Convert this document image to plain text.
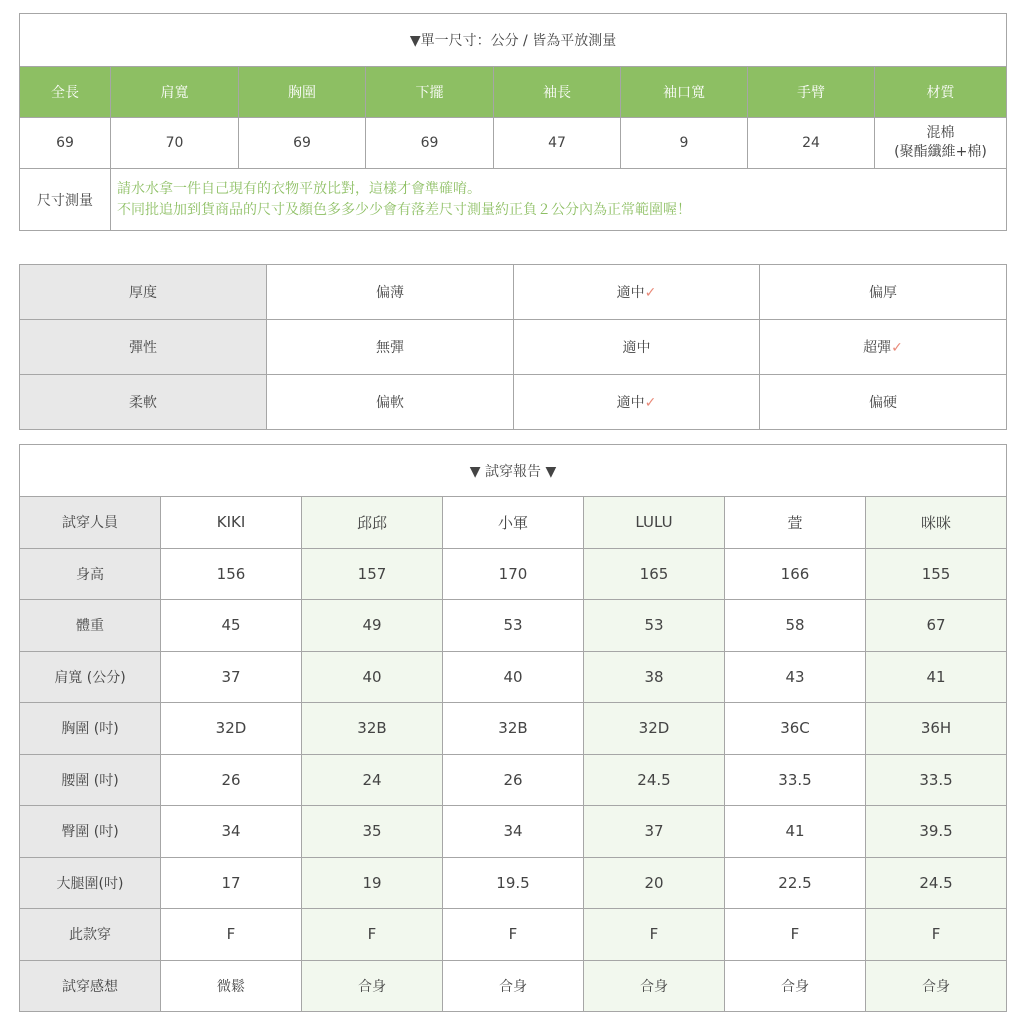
▼單一尺寸：公分 / 皆為平放測量							
全長	肩寬	胸圍	下擺	袖長	袖口寬	手臂	材質
69	70	69	69	47	9	24	混棉
(聚酯纖維+棉)

尺寸測量	請水水拿一件自己現有的衣物平放比對，這樣才會準確唷。
不同批追加到貨商品的尺寸及顏色多多少少會有落差尺寸測量約正負２公分內為正常範圍喔！						
厚度	偏薄	適中✓	偏厚
彈性	無彈	適中	超彈✓
柔軟	偏軟	適中✓	偏硬
▼ 試穿報告 ▼						
試穿人員	KIKI	邱邱	小軍	LULU	萱	咪咪
身高	156	157	170	165	166	155
體重	45	49	53	53	58	67
肩寬 (公分)	37	40	40	38	43	41
胸圍 (吋)	32D	32B	32B	32D	36C	36H
腰圍 (吋)	26	24	26	24.5	33.5	33.5
臀圍 (吋)	34	35	34	37	41	39.5
大腿圍(吋)	17	19	19.5	20	22.5	24.5
此款穿	F	F	F	F	F	F
試穿感想	微鬆	合身	合身	合身	合身	合身
